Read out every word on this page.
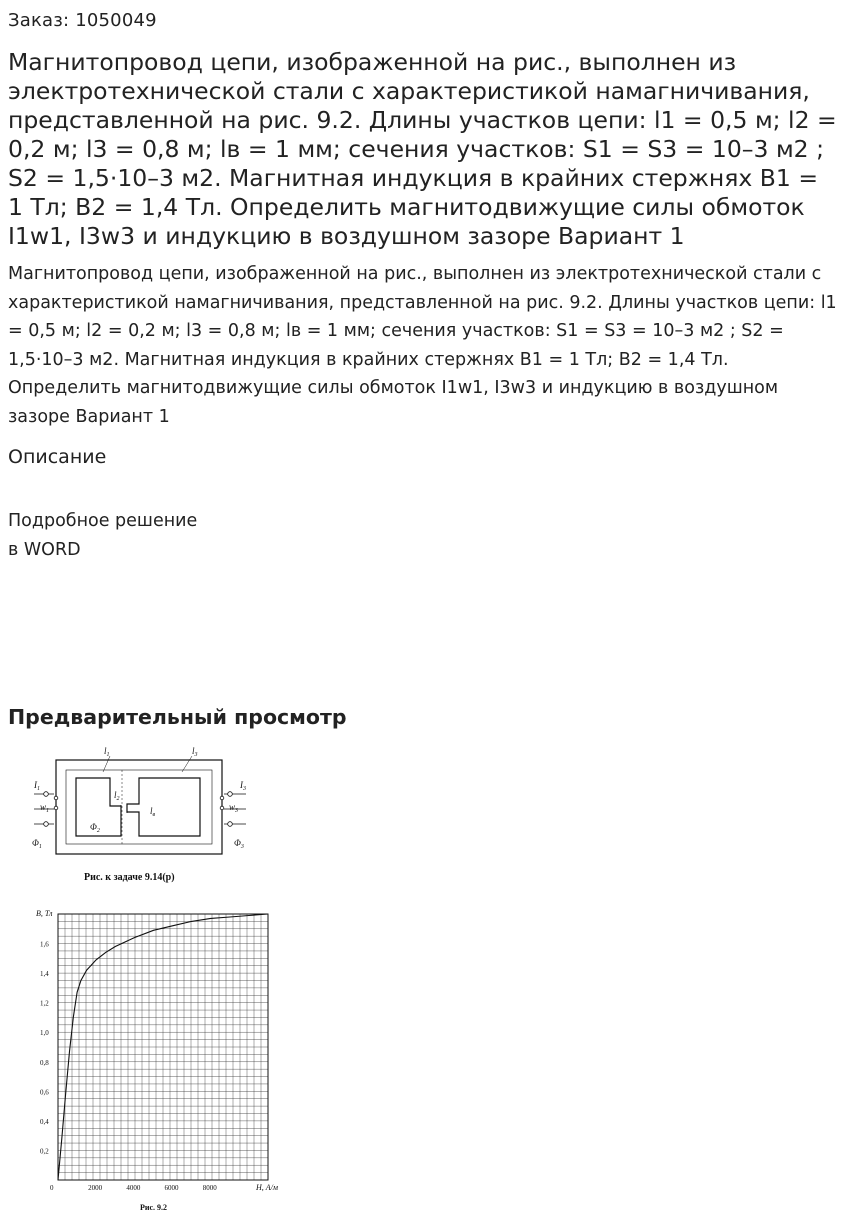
Заказ: 1050049
Магнитопровод цепи, изображенной на рис., выполнен из электротехнической стали с характеристикой намагничивания, представленной на рис. 9.2. Длины участков цепи: l1 = 0,5 м; l2 = 0,2 м; l3 = 0,8 м; lв = 1 мм; сечения участков: S1 = S3 = 10–3 м2 ; S2 = 1,5·10–3 м2. Магнитная индукция в крайних стержнях В1 = 1 Тл; В2 = 1,4 Тл. Определить магнитодвижущие силы обмоток I1w1, I3w3 и индукцию в воздушном зазоре Вариант 1

Магнитопровод цепи, изображенной на рис., выполнен из электротехнической стали с характеристикой намагничивания, представленной на рис. 9.2. Длины участков цепи: l1 = 0,5 м; l2 = 0,2 м; l3 = 0,8 м; lв = 1 мм; сечения участков: S1 = S3 = 10–3 м2 ; S2 = 1,5·10–3 м2. Магнитная индукция в крайних стержнях В1 = 1 Тл; В2 = 1,4 Тл. Определить магнитодвижущие силы обмоток I1w1, I3w3 и индукцию в воздушном зазоре Вариант 1

Описание
Подробное решение
в WORD
Предварительный просмотр
$l_1$	$l_3$
$I_1$	$I_3$
$w_1$	$w_3$
$\Phi_1$
$\Phi_2$
$\Phi_3$
$l_2$
$l_в$
Рис. к задаче 9.14(р)
0	2000	4000	6000	8000
0,2
0,4
0,6
0,8
1,0
1,2
1,4
1,6
B, Тл
H, А/м
Рис. 9.2
